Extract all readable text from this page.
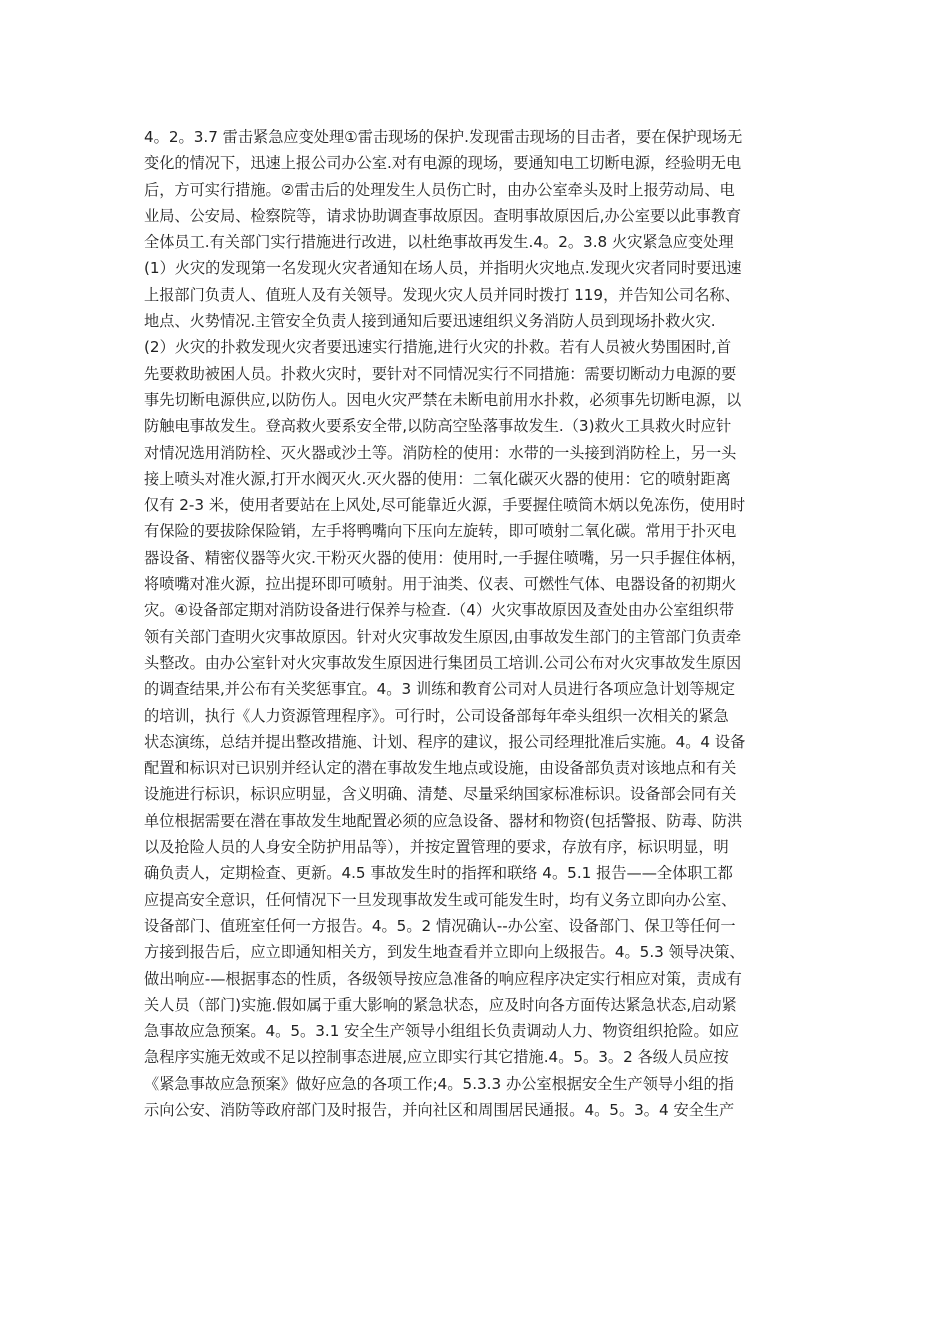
4。2。3.7 雷击紧急应变处理①雷击现场的保护.发现雷击现场的目击者，要在保护现场无
变化的情况下，迅速上报公司办公室.对有电源的现场，要通知电工切断电源，经验明无电
后，方可实行措施。②雷击后的处理发生人员伤亡时，由办公室牵头及时上报劳动局、电
业局、公安局、检察院等，请求协助调查事故原因。查明事故原因后,办公室要以此事教育
全体员工.有关部门实行措施进行改进，以杜绝事故再发生.4。2。3.8 火灾紧急应变处理
(1）火灾的发现第一名发现火灾者通知在场人员，并指明火灾地点.发现火灾者同时要迅速
上报部门负责人、值班人及有关领导。发现火灾人员并同时拨打 119，并告知公司名称、
地点、火势情况.主管安全负责人接到通知后要迅速组织义务消防人员到现场扑救火灾.
(2）火灾的扑救发现火灾者要迅速实行措施,进行火灾的扑救。若有人员被火势围困时,首
先要救助被困人员。扑救火灾时，要针对不同情况实行不同措施：需要切断动力电源的要
事先切断电源供应,以防伤人。因电火灾严禁在未断电前用水扑救，必须事先切断电源，以
防触电事故发生。登高救火要系安全带,以防高空坠落事故发生.（3)救火工具救火时应针
对情况选用消防栓、灭火器或沙土等。消防栓的使用：水带的一头接到消防栓上，另一头
接上喷头对准火源,打开水阀灭火.灭火器的使用：二氧化碳灭火器的使用：它的喷射距离
仅有 2-3 米，使用者要站在上风处,尽可能靠近火源，手要握住喷筒木炳以免冻伤，使用时
有保险的要拔除保险销，左手将鸭嘴向下压向左旋转，即可喷射二氧化碳。常用于扑灭电
器设备、精密仪器等火灾.干粉灭火器的使用：使用时,一手握住喷嘴，另一只手握住体柄，
将喷嘴对准火源，拉出提环即可喷射。用于油类、仪表、可燃性气体、电器设备的初期火
灾。④设备部定期对消防设备进行保养与检查.（4）火灾事故原因及查处由办公室组织带
领有关部门查明火灾事故原因。针对火灾事故发生原因,由事故发生部门的主管部门负责牵
头整改。由办公室针对火灾事故发生原因进行集团员工培训.公司公布对火灾事故发生原因
的调查结果,并公布有关奖惩事宜。4。3 训练和教育公司对人员进行各项应急计划等规定
的培训，执行《人力资源管理程序》。可行时，公司设备部每年牵头组织一次相关的紧急
状态演练，总结并提出整改措施、计划、程序的建议，报公司经理批准后实施。4。4 设备
配置和标识对已识别并经认定的潜在事故发生地点或设施，由设备部负责对该地点和有关
设施进行标识，标识应明显，含义明确、清楚、尽量采纳国家标准标识。设备部会同有关
单位根据需要在潜在事故发生地配置必须的应急设备、器材和物资(包括警报、防毒、防洪
以及抢险人员的人身安全防护用品等），并按定置管理的要求，存放有序，标识明显，明
确负责人，定期检查、更新。4.5 事故发生时的指挥和联络 4。5.1 报告——全体职工都
应提高安全意识，任何情况下一旦发现事故发生或可能发生时，均有义务立即向办公室、
设备部门、值班室任何一方报告。4。5。2 情况确认--办公室、设备部门、保卫等任何一
方接到报告后，应立即通知相关方，到发生地查看并立即向上级报告。4。5.3 领导决策、
做出响应-—根据事态的性质，各级领导按应急准备的响应程序决定实行相应对策，责成有
关人员（部门)实施.假如属于重大影响的紧急状态，应及时向各方面传达紧急状态,启动紧
急事故应急预案。4。5。3.1 安全生产领导小组组长负责调动人力、物资组织抢险。如应
急程序实施无效或不足以控制事态进展,应立即实行其它措施.4。5。3。2 各级人员应按
《紧急事故应急预案》做好应急的各项工作;4。5.3.3 办公室根据安全生产领导小组的指
示向公安、消防等政府部门及时报告，并向社区和周围居民通报。4。5。3。4 安全生产
